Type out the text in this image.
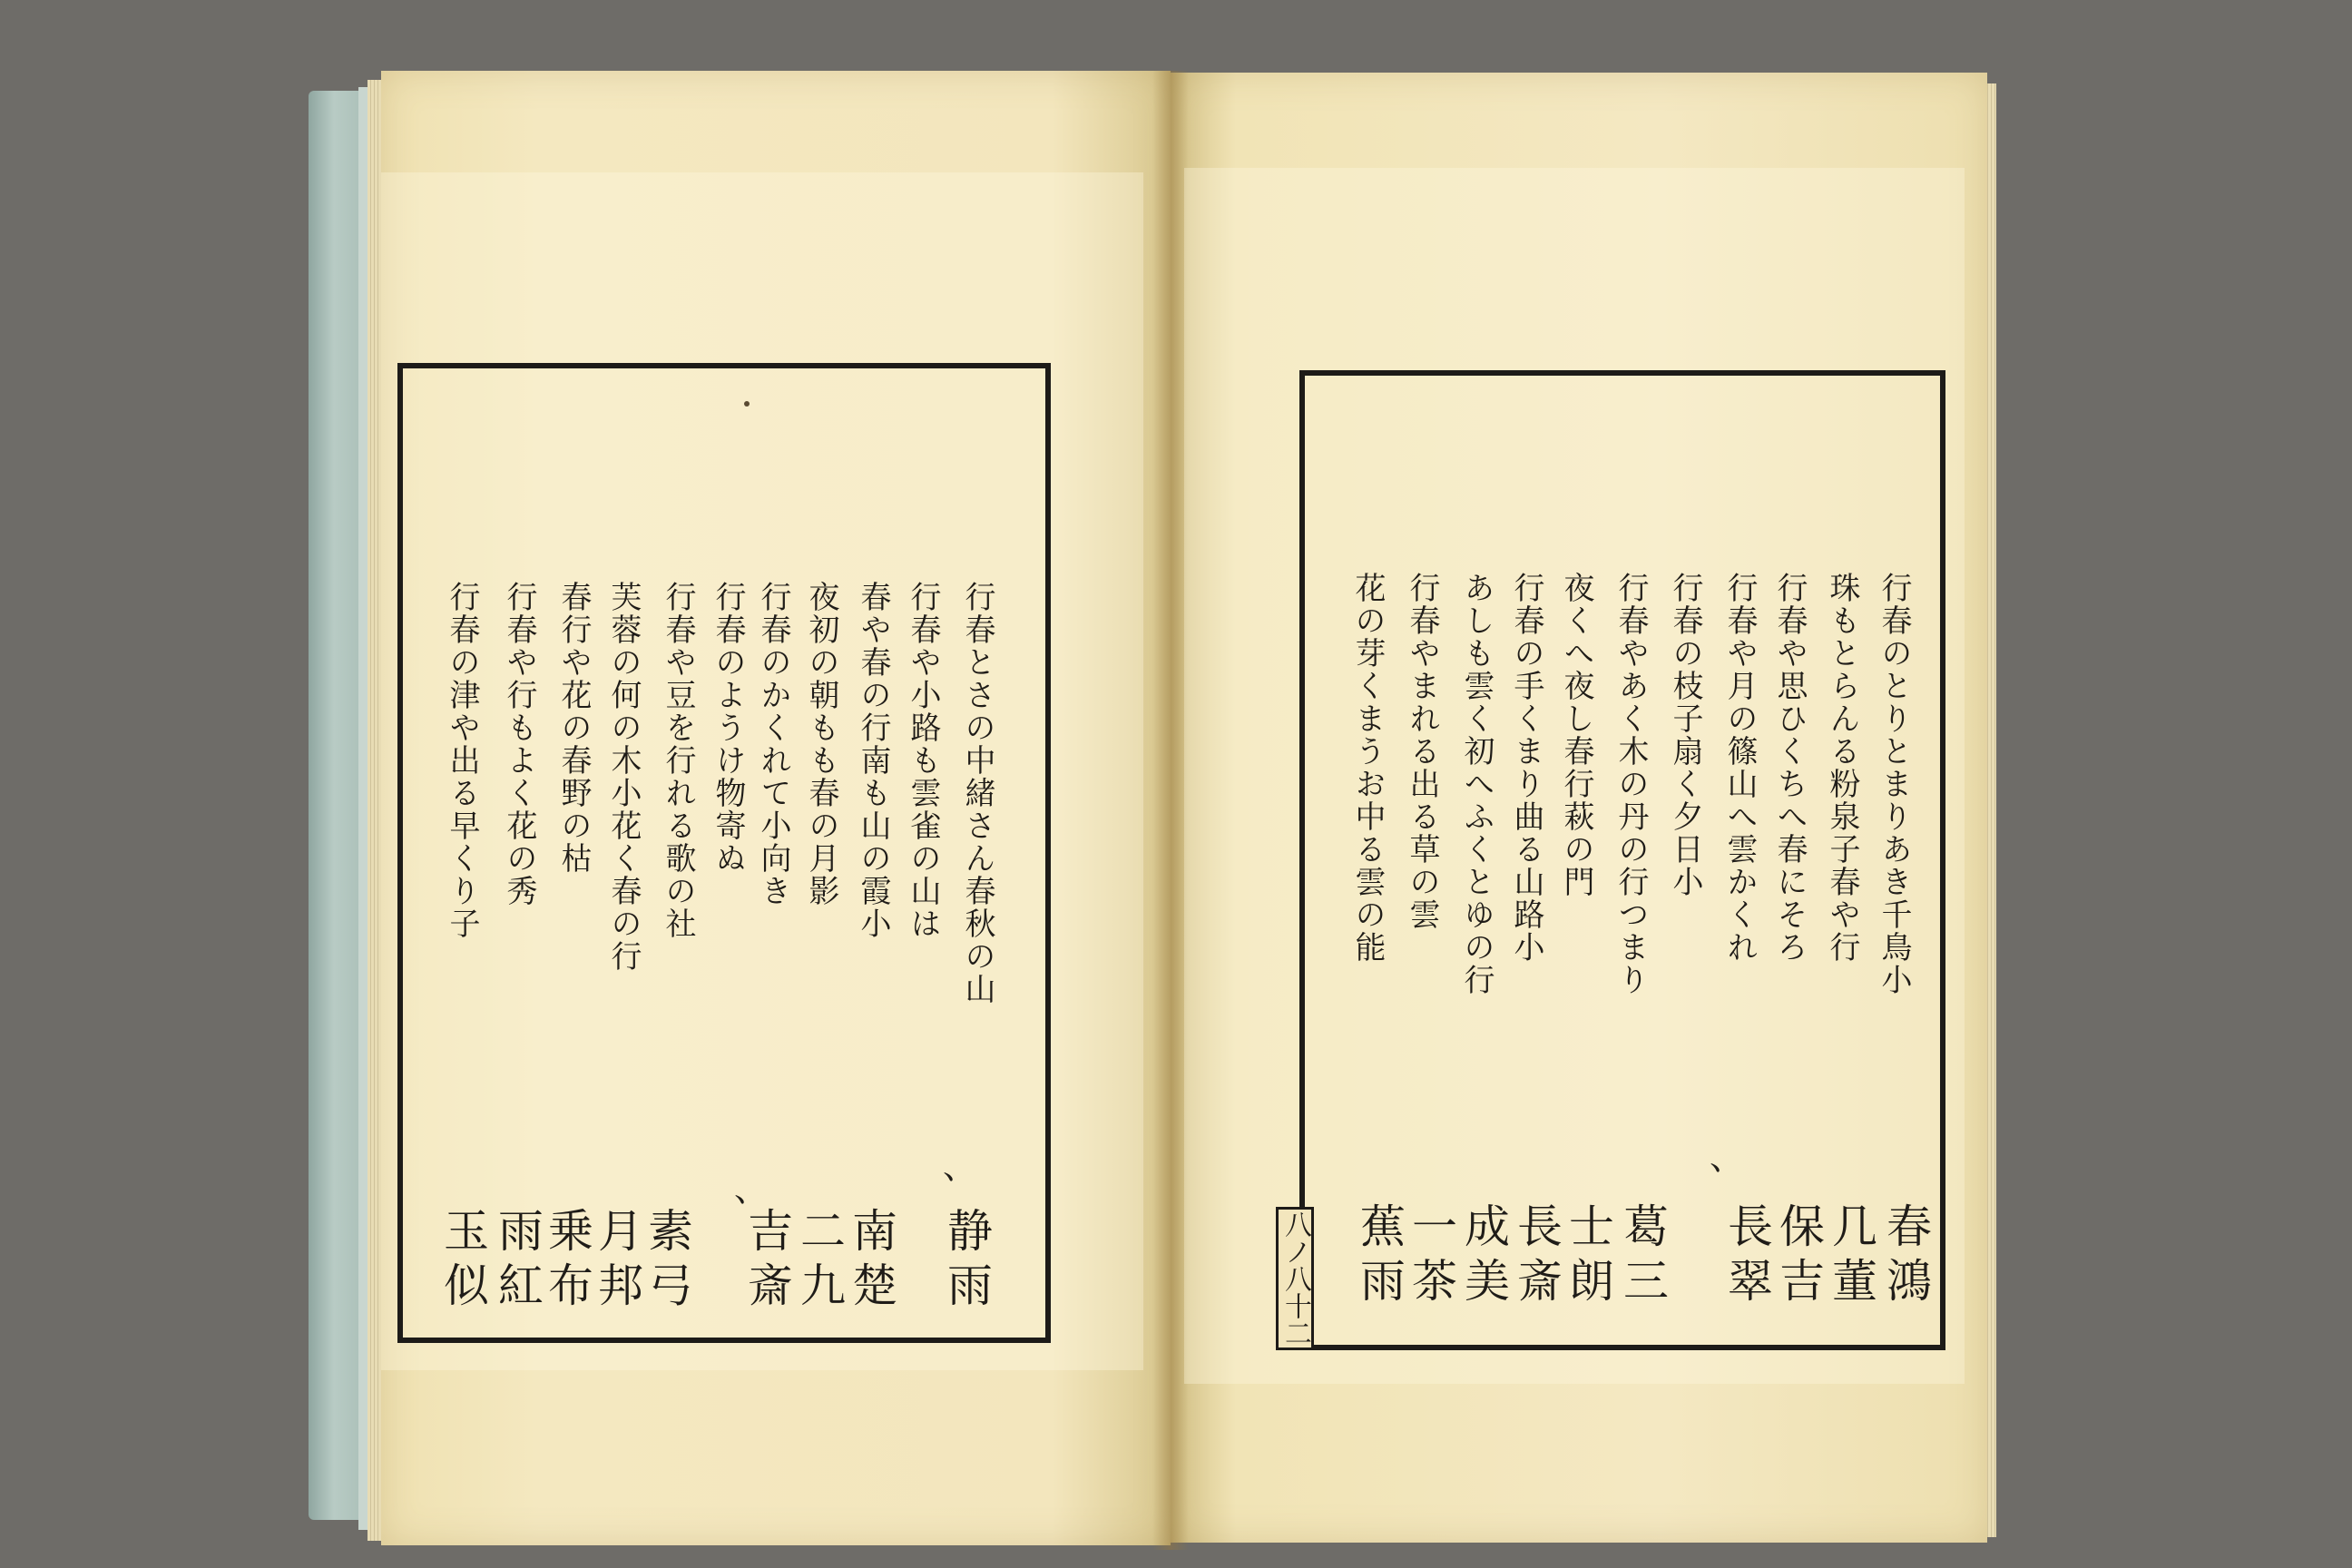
行春とさの中緒さん春秋の山
行春や小路も雲雀の山は
春や春の行南も山の霞小
夜初の朝もも春の月影
行春のかくれて小向き
行春のようけ物寄ぬ
行春や豆を行れる歌の社
芙蓉の何の木小花く春の行
春行や花の春野の枯
行春や行もよく花の秀
行春の津や出る早くり子
静雨
、
南楚
二九
吉斎
、
素弓
月邦
乗布
雨紅
玉似
行春のとりとまりあき千鳥小
珠もとらんる粉泉子春や行
行春や思ひくちへ春にそろ
行春や月の篠山へ雲かくれ
行春の枝子扇く夕日小
行春やあく木の丹の行つまり
夜くへ夜し春行萩の門
行春の手くまり曲る山路小
あしも雲く初へふくとゆの行
行春やまれる出る草の雲
花の芽くまうお中る雲の能
春鴻
几董
保吉
長翠
、
葛三
士朗
長斎
成美
一茶
蕉雨
八ノ八十二
